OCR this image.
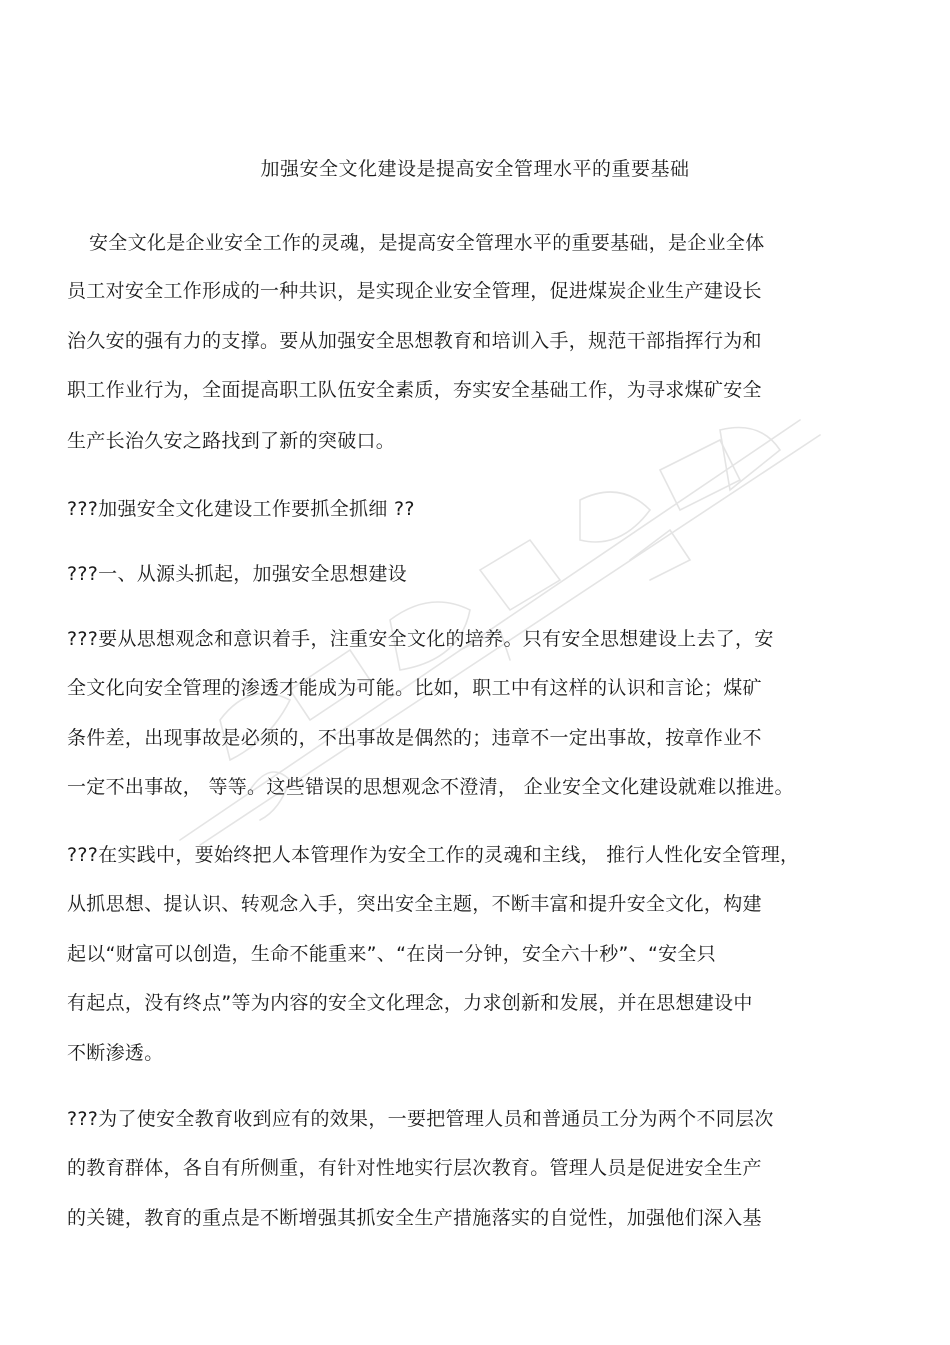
加强安全文化建设是提高安全管理水平的重要基础
安全文化是企业安全工作的灵魂，是提高安全管理水平的重要基础，是企业全体
员工对安全工作形成的一种共识，是实现企业安全管理，促进煤炭企业生产建设长
治久安的强有力的支撑。要从加强安全思想教育和培训入手，规范干部指挥行为和
职工作业行为，全面提高职工队伍安全素质，夯实安全基础工作，为寻求煤矿安全
生产长治久安之路找到了新的突破口。
???加强安全文化建设工作要抓全抓细 ??
???一、从源头抓起，加强安全思想建设
???要从思想观念和意识着手，注重安全文化的培养。只有安全思想建设上去了，安
全文化向安全管理的渗透才能成为可能。比如，职工中有这样的认识和言论；煤矿
条件差，出现事故是必须的，不出事故是偶然的；违章不一定出事故，按章作业不
一定不出事故， 等等。这些错误的思想观念不澄清， 企业安全文化建设就难以推进。
???在实践中，要始终把人本管理作为安全工作的灵魂和主线， 推行人性化安全管理，
从抓思想、提认识、转观念入手，突出安全主题，不断丰富和提升安全文化，构建
起以“财富可以创造，生命不能重来”、“在岗一分钟，安全六十秒”、“安全只
有起点，没有终点”等为内容的安全文化理念，力求创新和发展，并在思想建设中
不断渗透。
???为了使安全教育收到应有的效果，一要把管理人员和普通员工分为两个不同层次
的教育群体，各自有所侧重，有针对性地实行层次教育。管理人员是促进安全生产
的关键，教育的重点是不断增强其抓安全生产措施落实的自觉性，加强他们深入基
